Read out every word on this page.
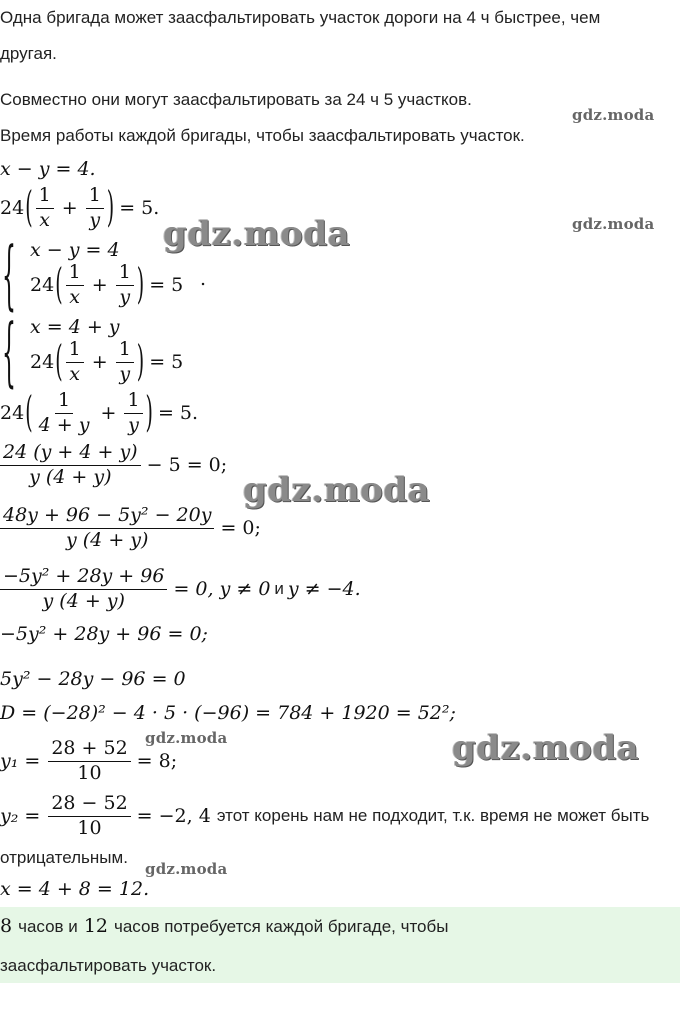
Одна бригада может заасфальтировать участок дороги на 4 ч быстрее, чем
другая.
Совместно они могут заасфальтировать за 24 ч 5 участков.
Время работы каждой бригады, чтобы заасфальтировать участок.
gdz.moda
gdz.moda
gdz.moda
gdz.moda
gdz.moda
gdz.moda
gdz.moda
x − y = 4.
24 ( $\frac{1}{x} + \frac{1}{y}$ ) = 5.
{ x − y = 4
24 ( $\frac{1}{x} + \frac{1}{y}$ ) = 5 .
{ x = 4 + y
24 ( $\frac{1}{x} + \frac{1}{y}$ ) = 5
24 ( $\frac{1}{4 + y} + \frac{1}{y}$ ) = 5.
$\frac{24 (y + 4 + y)}{y (4 + y)} - 5 = 0$;
$\frac{\text{48y + 96 − 5y² − 20y}}{y (4 + y)} = 0$;
$\frac{\text{−5y² + 28y + 96}}{y (4 + y)} = 0$, y ≠ 0 и y ≠ −4.
−5y² + 28y + 96 = 0;
5y² − 28y − 96 = 0
D = (−28)² − 4 · 5 · (−96) = 784 + 1920 = 52²;
$y_1 = \frac{28 + 52}{10} = 8$;
$y_2 = \frac{28 - 52}{10} = -2$, 4 этот корень нам не подходит, т.к. время не может быть
отрицательным.
x = 4 + 8 = 12.
8 часов и 12 часов потребуется каждой бригаде, чтобы
заасфальтировать участок.
